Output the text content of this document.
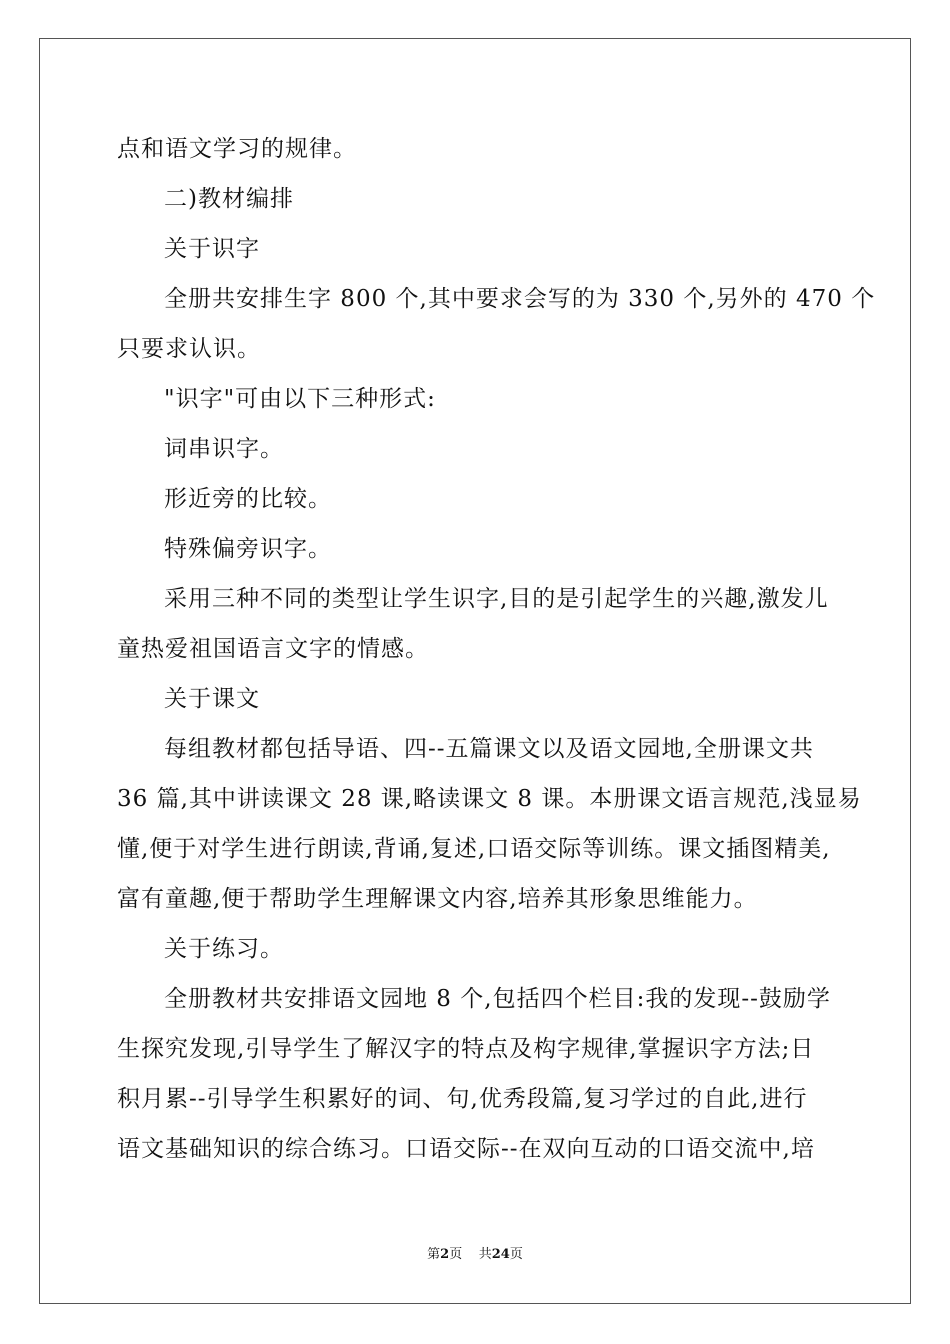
点和语文学习的规律。
二)教材编排
关于识字
全册共安排生字 800 个,其中要求会写的为 330 个,另外的 470 个
只要求认识。
"识字"可由以下三种形式:
词串识字。
形近旁的比较。
特殊偏旁识字。
采用三种不同的类型让学生识字,目的是引起学生的兴趣,激发儿
童热爱祖国语言文字的情感。
关于课文
每组教材都包括导语、四--五篇课文以及语文园地,全册课文共
36 篇,其中讲读课文 28 课,略读课文 8 课。本册课文语言规范,浅显易
懂,便于对学生进行朗读,背诵,复述,口语交际等训练。课文插图精美,
富有童趣,便于帮助学生理解课文内容,培养其形象思维能力。
关于练习。
全册教材共安排语文园地 8 个,包括四个栏目:我的发现--鼓励学
生探究发现,引导学生了解汉字的特点及构字规律,掌握识字方法;日
积月累--引导学生积累好的词、句,优秀段篇,复习学过的自此,进行
语文基础知识的综合练习。口语交际--在双向互动的口语交流中,培
第2页 共24页
